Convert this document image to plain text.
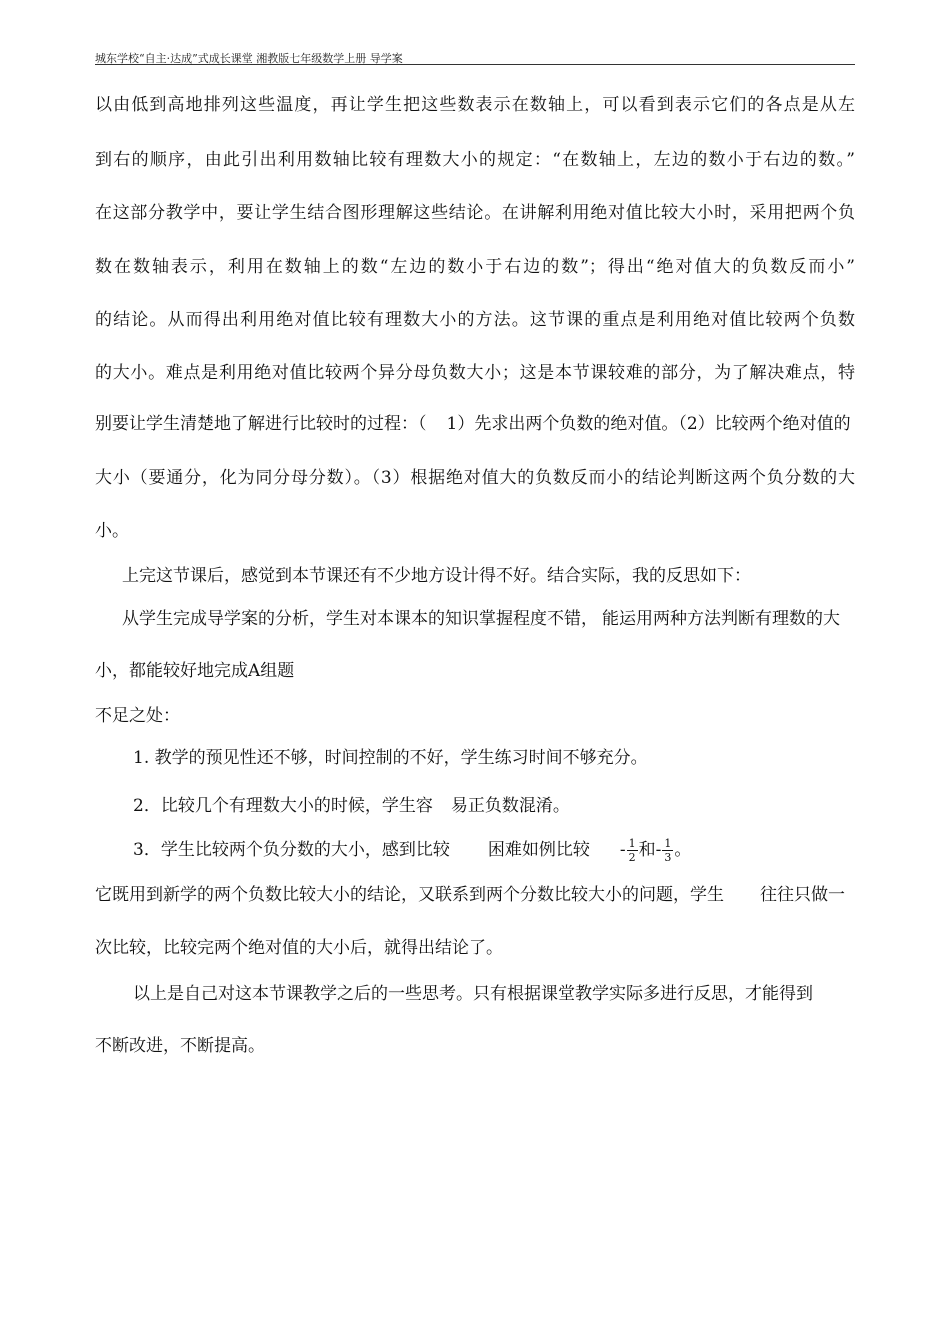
城东学校“自主·达成”式成长课堂 湘教版七年级数学上册 导学案
以由低到高地排列这些温度，再让学生把这些数表示在数轴上，可以看到表示它们的各点是从左
到右的顺序，由此引出利用数轴比较有理数大小的规定：“在数轴上，左边的数小于右边的数。”
在这部分教学中，要让学生结合图形理解这些结论。在讲解利用绝对值比较大小时，采用把两个负
数在数轴表示，利用在数轴上的数“左边的数小于右边的数”；得出“绝对值大的负数反而小”
的结论。从而得出利用绝对值比较有理数大小的方法。这节课的重点是利用绝对值比较两个负数
的大小。难点是利用绝对值比较两个异分母负数大小；这是本节课较难的部分，为了解决难点，特
别要让学生清楚地了解进行比较时的过程：（ 1）先求出两个负数的绝对值。（2）比较两个绝对值的
大小（要通分，化为同分母分数）。（3）根据绝对值大的负数反而小的结论判断这两个负分数的大
小。
上完这节课后，感觉到本节课还有不少地方设计得不好。结合实际，我的反思如下：
从学生完成导学案的分析，学生对本课本的知识掌握程度不错， 能运用两种方法判断有理数的大
小，都能较好地完成A组题
不足之处：
1. 教学的预见性还不够，时间控制的不好，学生练习时间不够充分。
2．比较几个有理数大小的时候，学生容 易正负数混淆。
3．学生比较两个负分数的大小，感到比较 困难如例比较 - $\frac{1}{2}$ 和- $\frac{1}{3}$ 。
它既用到新学的两个负数比较大小的结论，又联系到两个分数比较大小的问题，学生 往往只做一
次比较，比较完两个绝对值的大小后，就得出结论了。
以上是自己对这本节课教学之后的一些思考。只有根据课堂教学实际多进行反思，才能得到
不断改进，不断提高。
